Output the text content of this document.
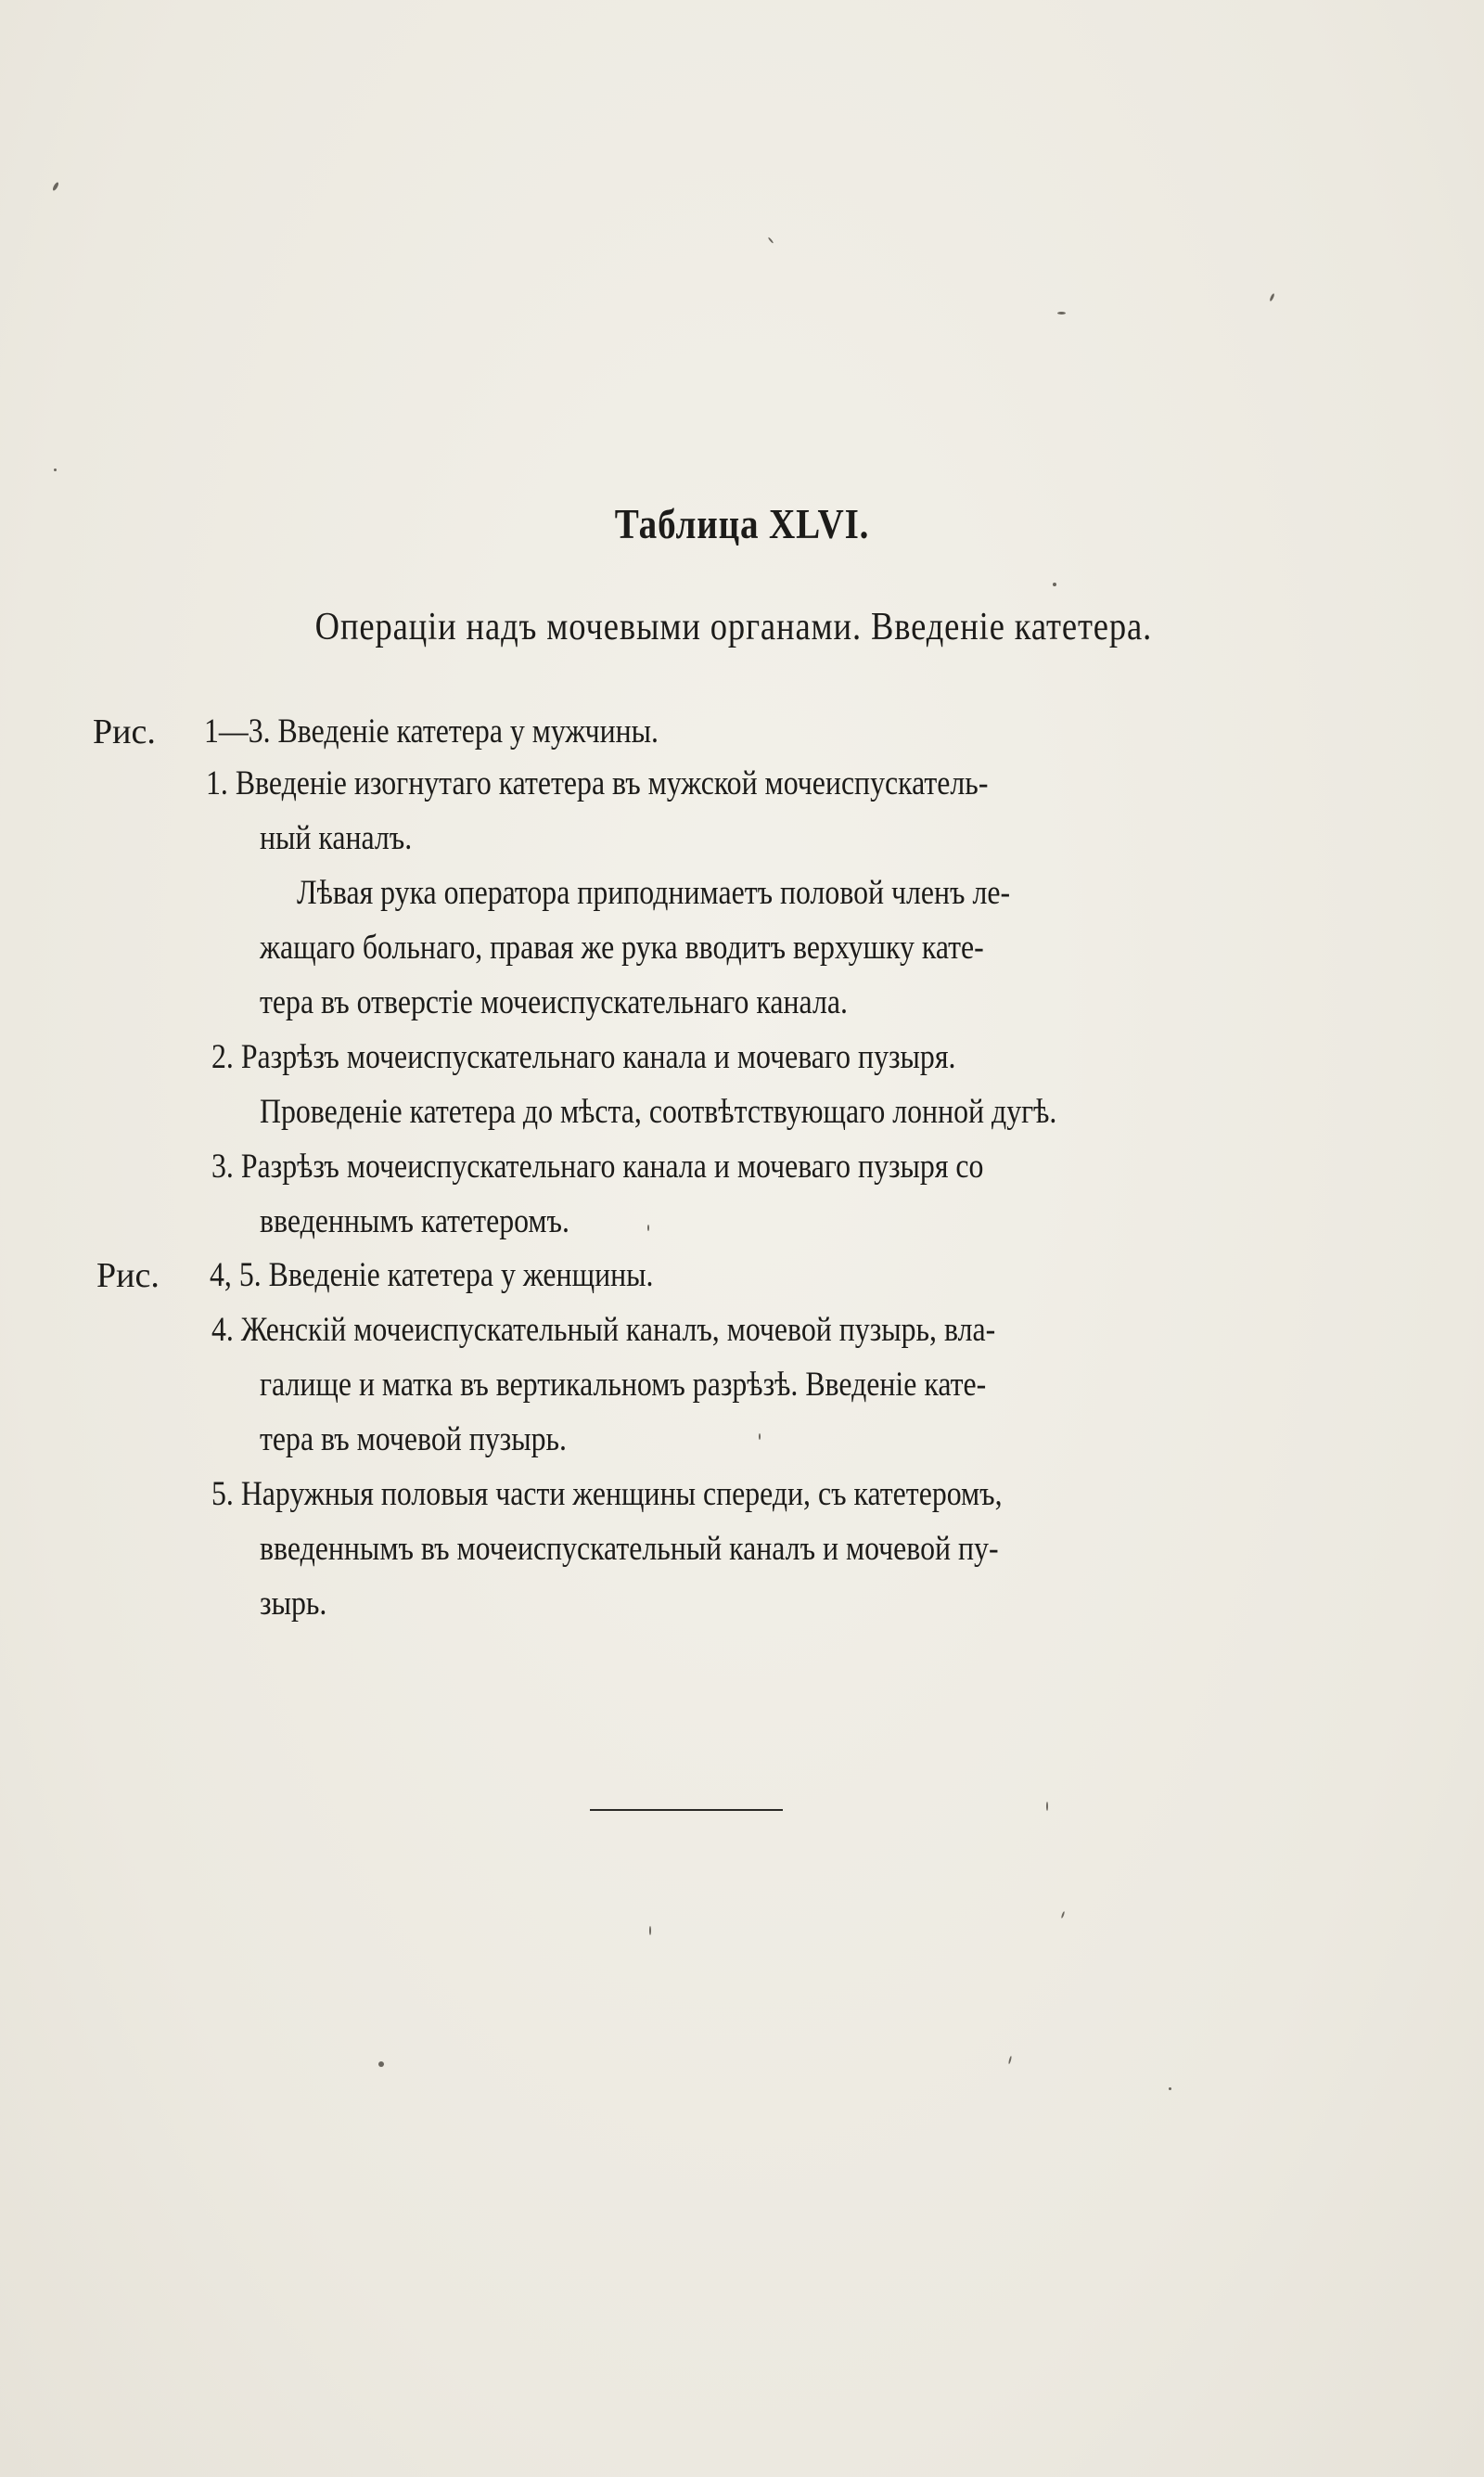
Таблица XLVI.
Операціи надъ мочевыми органами. Введеніе катетера.
Рис. 1—3. Введеніе катетера у мужчины.
1. Введеніе изогнутаго катетера въ мужской мочеиспускатель-
ный каналъ.
Лѣвая рука оператора приподнимаетъ половой членъ ле-
жащаго больнаго, правая же рука вводитъ верхушку кате-
тера въ отверстіе мочеиспускательнаго канала.
2. Разрѣзъ мочеиспускательнаго канала и мочеваго пузыря.
Проведеніе катетера до мѣста, соотвѣтствующаго лонной дугѣ.
3. Разрѣзъ мочеиспускательнаго канала и мочеваго пузыря со
введеннымъ катетеромъ.
Рис. 4, 5. Введеніе катетера у женщины.
4. Женскій мочеиспускательный каналъ, мочевой пузырь, вла-
галище и матка въ вертикальномъ разрѣзѣ. Введеніе кате-
тера въ мочевой пузырь.
5. Наружныя половыя части женщины спереди, съ катетеромъ,
введеннымъ въ мочеиспускательный каналъ и мочевой пу-
зырь.
